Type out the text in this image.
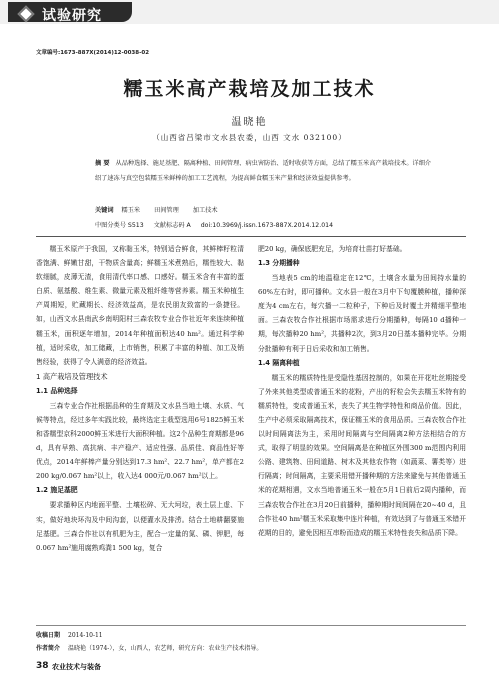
试验研究
文章编号:1673-887X(2014)12-0038-02
糯玉米高产栽培及加工技术
温晓艳
（山西省吕梁市文水县农委，山西 文水 032100）
摘 要 从品种选择、施足基肥、隔离种植、田间管理、病虫害防治、适时收获等方面，总结了糯玉米高产栽培技术。详细介绍了速冻与真空包装糯玉米鲜棒的加工工艺流程，为提高鲜食糯玉米产量和经济效益提供参考。
关键词 糯玉米 田间管理 加工技术
中图分类号 S513 文献标志码 A doi:10.3969/j.issn.1673-887X.2014.12.014

糯玉米原产于我国，又称黏玉米，特别适合鲜食，其鲜棒籽粒清香饱满、鲜嫩甘甜，干物质含量高；鲜糯玉米煮熟后，糯性较大、黏软细腻，皮薄无渣，食用清代率口感、口感好。糯玉米含有丰富的蛋白质、氨基酸、维生素、微量元素及粗纤维等营养素。糯玉米种植生产周期短，贮藏期长、经济效益高，是农民朋友致富的一条捷径。如，山西文水县南武乡南明阳村三森农牧专业合作社近年来连续种植糯玉米，面积逐年增加，2014年种植面积达40 hm²。通过科学种植，适时采收，加工储藏，上市销售，积累了丰富的种植、加工及销售经验，获得了令人满意的经济效益。

1 高产栽培及管理技术
1.1 品种选择

三森专业合作社根据品种的生育期及文水县当地土壤、水质、气候等特点，经过多年实践比较，最终选定主栽型选用6号1825鲜玉米和香糯型京科2000鲜玉米进行大面积种植。这2个品种生育期都是96 d，具有早熟、高抗病、丰产稳产、适应性强、品质佳、商品性好等优点，2014年鲜棒产量分别达到17.3 hm²、22.7 hm²，单产都在2 200 kg/0.067 hm²以上，收入达4 000元/0.067 hm²以上。

1.2 施足基肥

要求播种区内地面平整、土壤松碎、无大坷垃，表土层上虚、下实，做好地块环沟及中间沟套，以便灌水及排涝。结合土地耕翻要施足基肥。三森合作社以有机肥为主，配合一定量的氮、磷、钾肥，每0.067 hm²施用腐熟鸡粪1 500 kg，复合

肥20 kg，确保底肥充足，为培育壮苗打好基础。

1.3 分期播种

当地表5 cm的地温稳定在12℃，土壤含水量为田间持水量的60%左右时，即可播种。文水县一般在3月中下旬覆膜种植，播种深度为4 cm左右，每穴播一二粒种子，下种后及时覆土并精细平整地面。三森农牧合作社根据市场需求进行分期播种，每隔10 d播种一期，每次播种20 hm²，共播种2次，到3月20日基本播种完毕。分期分批播种有利于日后采收和加工销售。

1.4 隔离种植

糯玉米的糯质特性是受隐性基因控制的，如果在开花吐丝期接受了外来其他类型或普通玉米的花粉，产出的籽粒会失去糯玉米特有的糯质特性，变成普通玉米，丧失了其生物学特性和商品价值。因此，生产中必须采取隔离技术，保证糯玉米的食用品质。三森农牧合作社以时间隔离法为主，采用时间隔离与空间隔离2种方法相结合的方式，取得了明显的效果。空间隔离是在种植区外围300 m范围内利用公路、建筑物、田间道路、树木及其他农作物（如蔬菜、薯类等）进行隔离；时间隔离，主要采用错开播种期的方法来避免与其他普通玉米的花期相遇，文水当地普通玉米一般在5月1日前后2周内播种，而三森农牧合作社在3月20日前播种，播种期时间间隔在20~40 d，且合作社40 hm²糯玉米采取集中连片种植，有效达到了与普通玉米错开花期的目的，避免因相互串粉而造成的糯玉米特性丧失和品质下降。

收稿日期 2014-10-11
作者简介 温晓艳（1974-），女，山西人，农艺师，研究方向：农业生产技术指导。
38 农业技术与装备
